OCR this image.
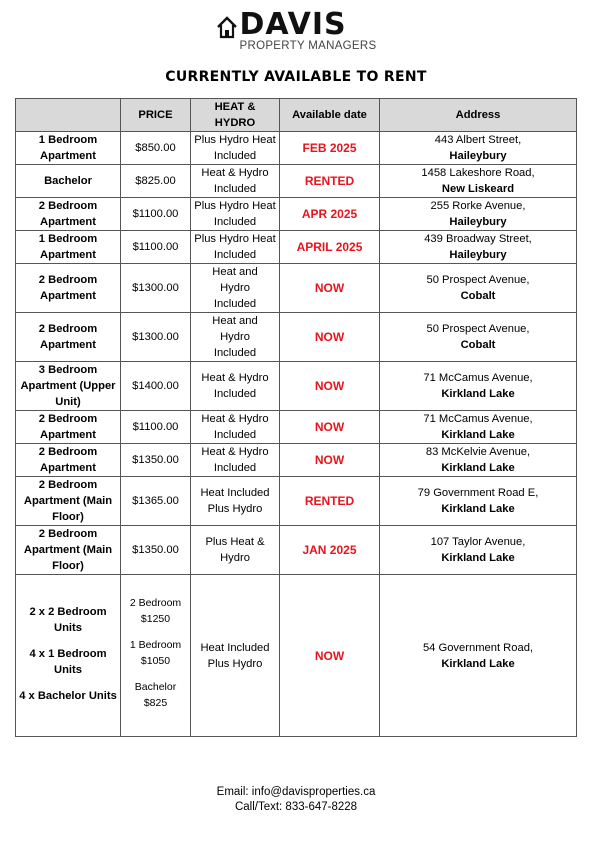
DAVIS
PROPERTY MANAGERS
CURRENTLY AVAILABLE TO RENT
	PRICE	HEAT & HYDRO	Available date	Address
1 Bedroom Apartment	$850.00	Plus Hydro Heat Included	FEB 2025	443 Albert Street,
Haileybury

Bachelor	$825.00	Heat & Hydro Included	RENTED	1458 Lakeshore Road,
New Liskeard

2 Bedroom Apartment	$1100.00	Plus Hydro Heat Included	APR 2025	255 Rorke Avenue,
Haileybury

1 Bedroom Apartment	$1100.00	Plus Hydro Heat Included	APRIL 2025	439 Broadway Street,
Haileybury

2 Bedroom Apartment	$1300.00	Heat and Hydro Included	NOW	50 Prospect Avenue,
Cobalt

2 Bedroom Apartment	$1300.00	Heat and Hydro Included	NOW	50 Prospect Avenue,
Cobalt

3 Bedroom Apartment (Upper Unit)	$1400.00	Heat & Hydro Included	NOW	71 McCamus Avenue,
Kirkland Lake

2 Bedroom Apartment	$1100.00	Heat & Hydro Included	NOW	71 McCamus Avenue,
Kirkland Lake

2 Bedroom Apartment	$1350.00	Heat & Hydro Included	NOW	83 McKelvie Avenue,
Kirkland Lake

2 Bedroom Apartment (Main Floor)	$1365.00	Heat Included Plus Hydro	RENTED	79 Government Road E,
Kirkland Lake

2 Bedroom Apartment (Main Floor)	$1350.00	Plus Heat & Hydro	JAN 2025	107 Taylor Avenue,
Kirkland Lake

2 x 2 Bedroom Units
4 x 1 Bedroom Units
4 x Bachelor Units	2 Bedroom $1250
1 Bedroom $1050
Bachelor $825	Heat Included Plus Hydro	NOW	54 Government Road,
Kirkland Lake
Email: info@davisproperties.ca
Call/Text: 833-647-8228
